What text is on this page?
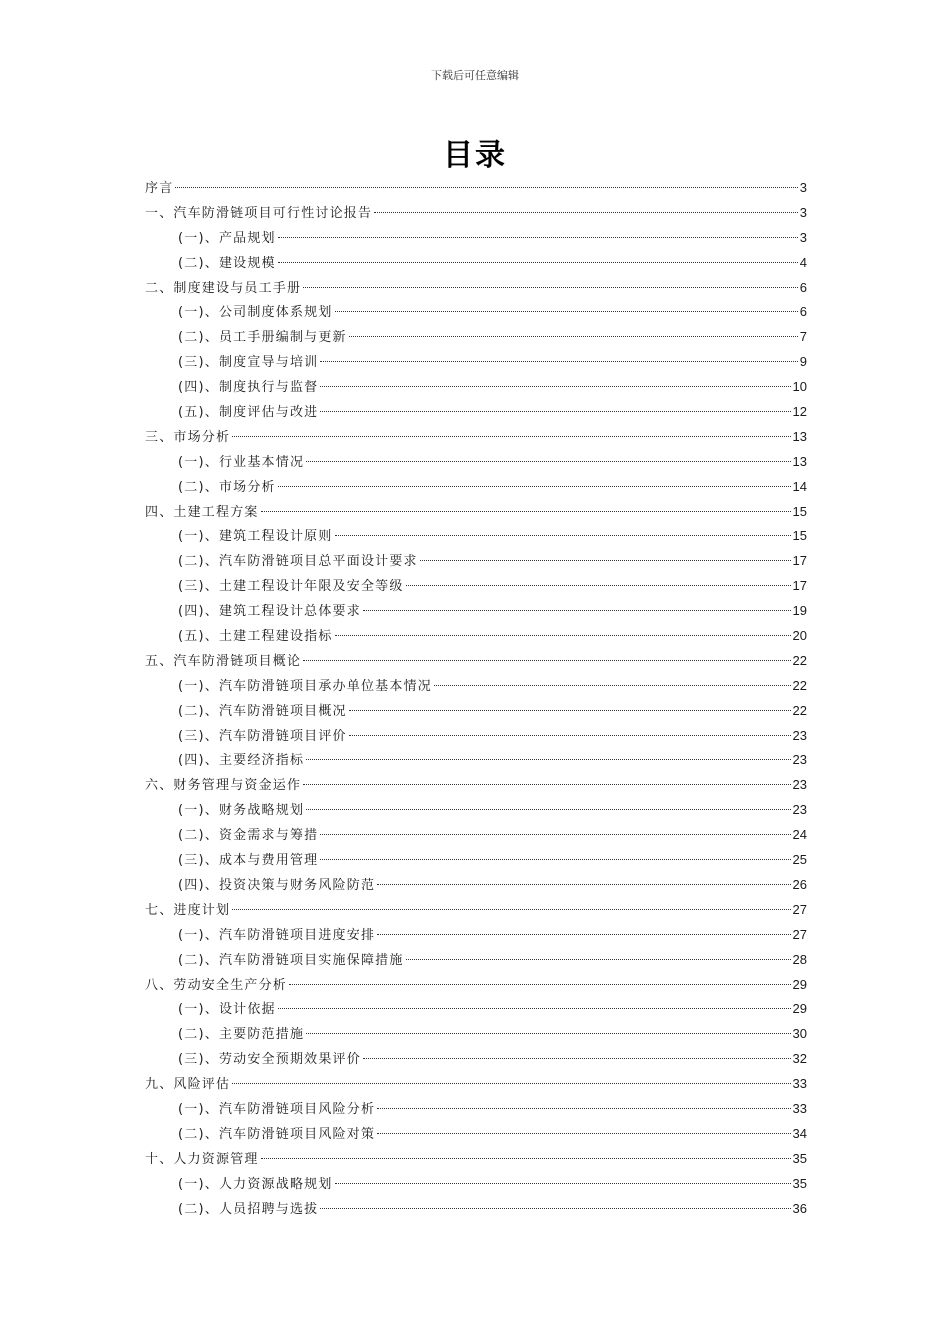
下载后可任意编辑
目录
序言	3
一、汽车防滑链项目可行性讨论报告	3
(一)、产品规划	3
(二)、建设规模	4
二、制度建设与员工手册	6
(一)、公司制度体系规划	6
(二)、员工手册编制与更新	7
(三)、制度宣导与培训	9
(四)、制度执行与监督	10
(五)、制度评估与改进	12
三、市场分析	13
(一)、行业基本情况	13
(二)、市场分析	14
四、土建工程方案	15
(一)、建筑工程设计原则	15
(二)、汽车防滑链项目总平面设计要求	17
(三)、土建工程设计年限及安全等级	17
(四)、建筑工程设计总体要求	19
(五)、土建工程建设指标	20
五、汽车防滑链项目概论	22
(一)、汽车防滑链项目承办单位基本情况	22
(二)、汽车防滑链项目概况	22
(三)、汽车防滑链项目评价	23
(四)、主要经济指标	23
六、财务管理与资金运作	23
(一)、财务战略规划	23
(二)、资金需求与筹措	24
(三)、成本与费用管理	25
(四)、投资决策与财务风险防范	26
七、进度计划	27
(一)、汽车防滑链项目进度安排	27
(二)、汽车防滑链项目实施保障措施	28
八、劳动安全生产分析	29
(一)、设计依据	29
(二)、主要防范措施	30
(三)、劳动安全预期效果评价	32
九、风险评估	33
(一)、汽车防滑链项目风险分析	33
(二)、汽车防滑链项目风险对策	34
十、人力资源管理	35
(一)、人力资源战略规划	35
(二)、人员招聘与选拔	36
